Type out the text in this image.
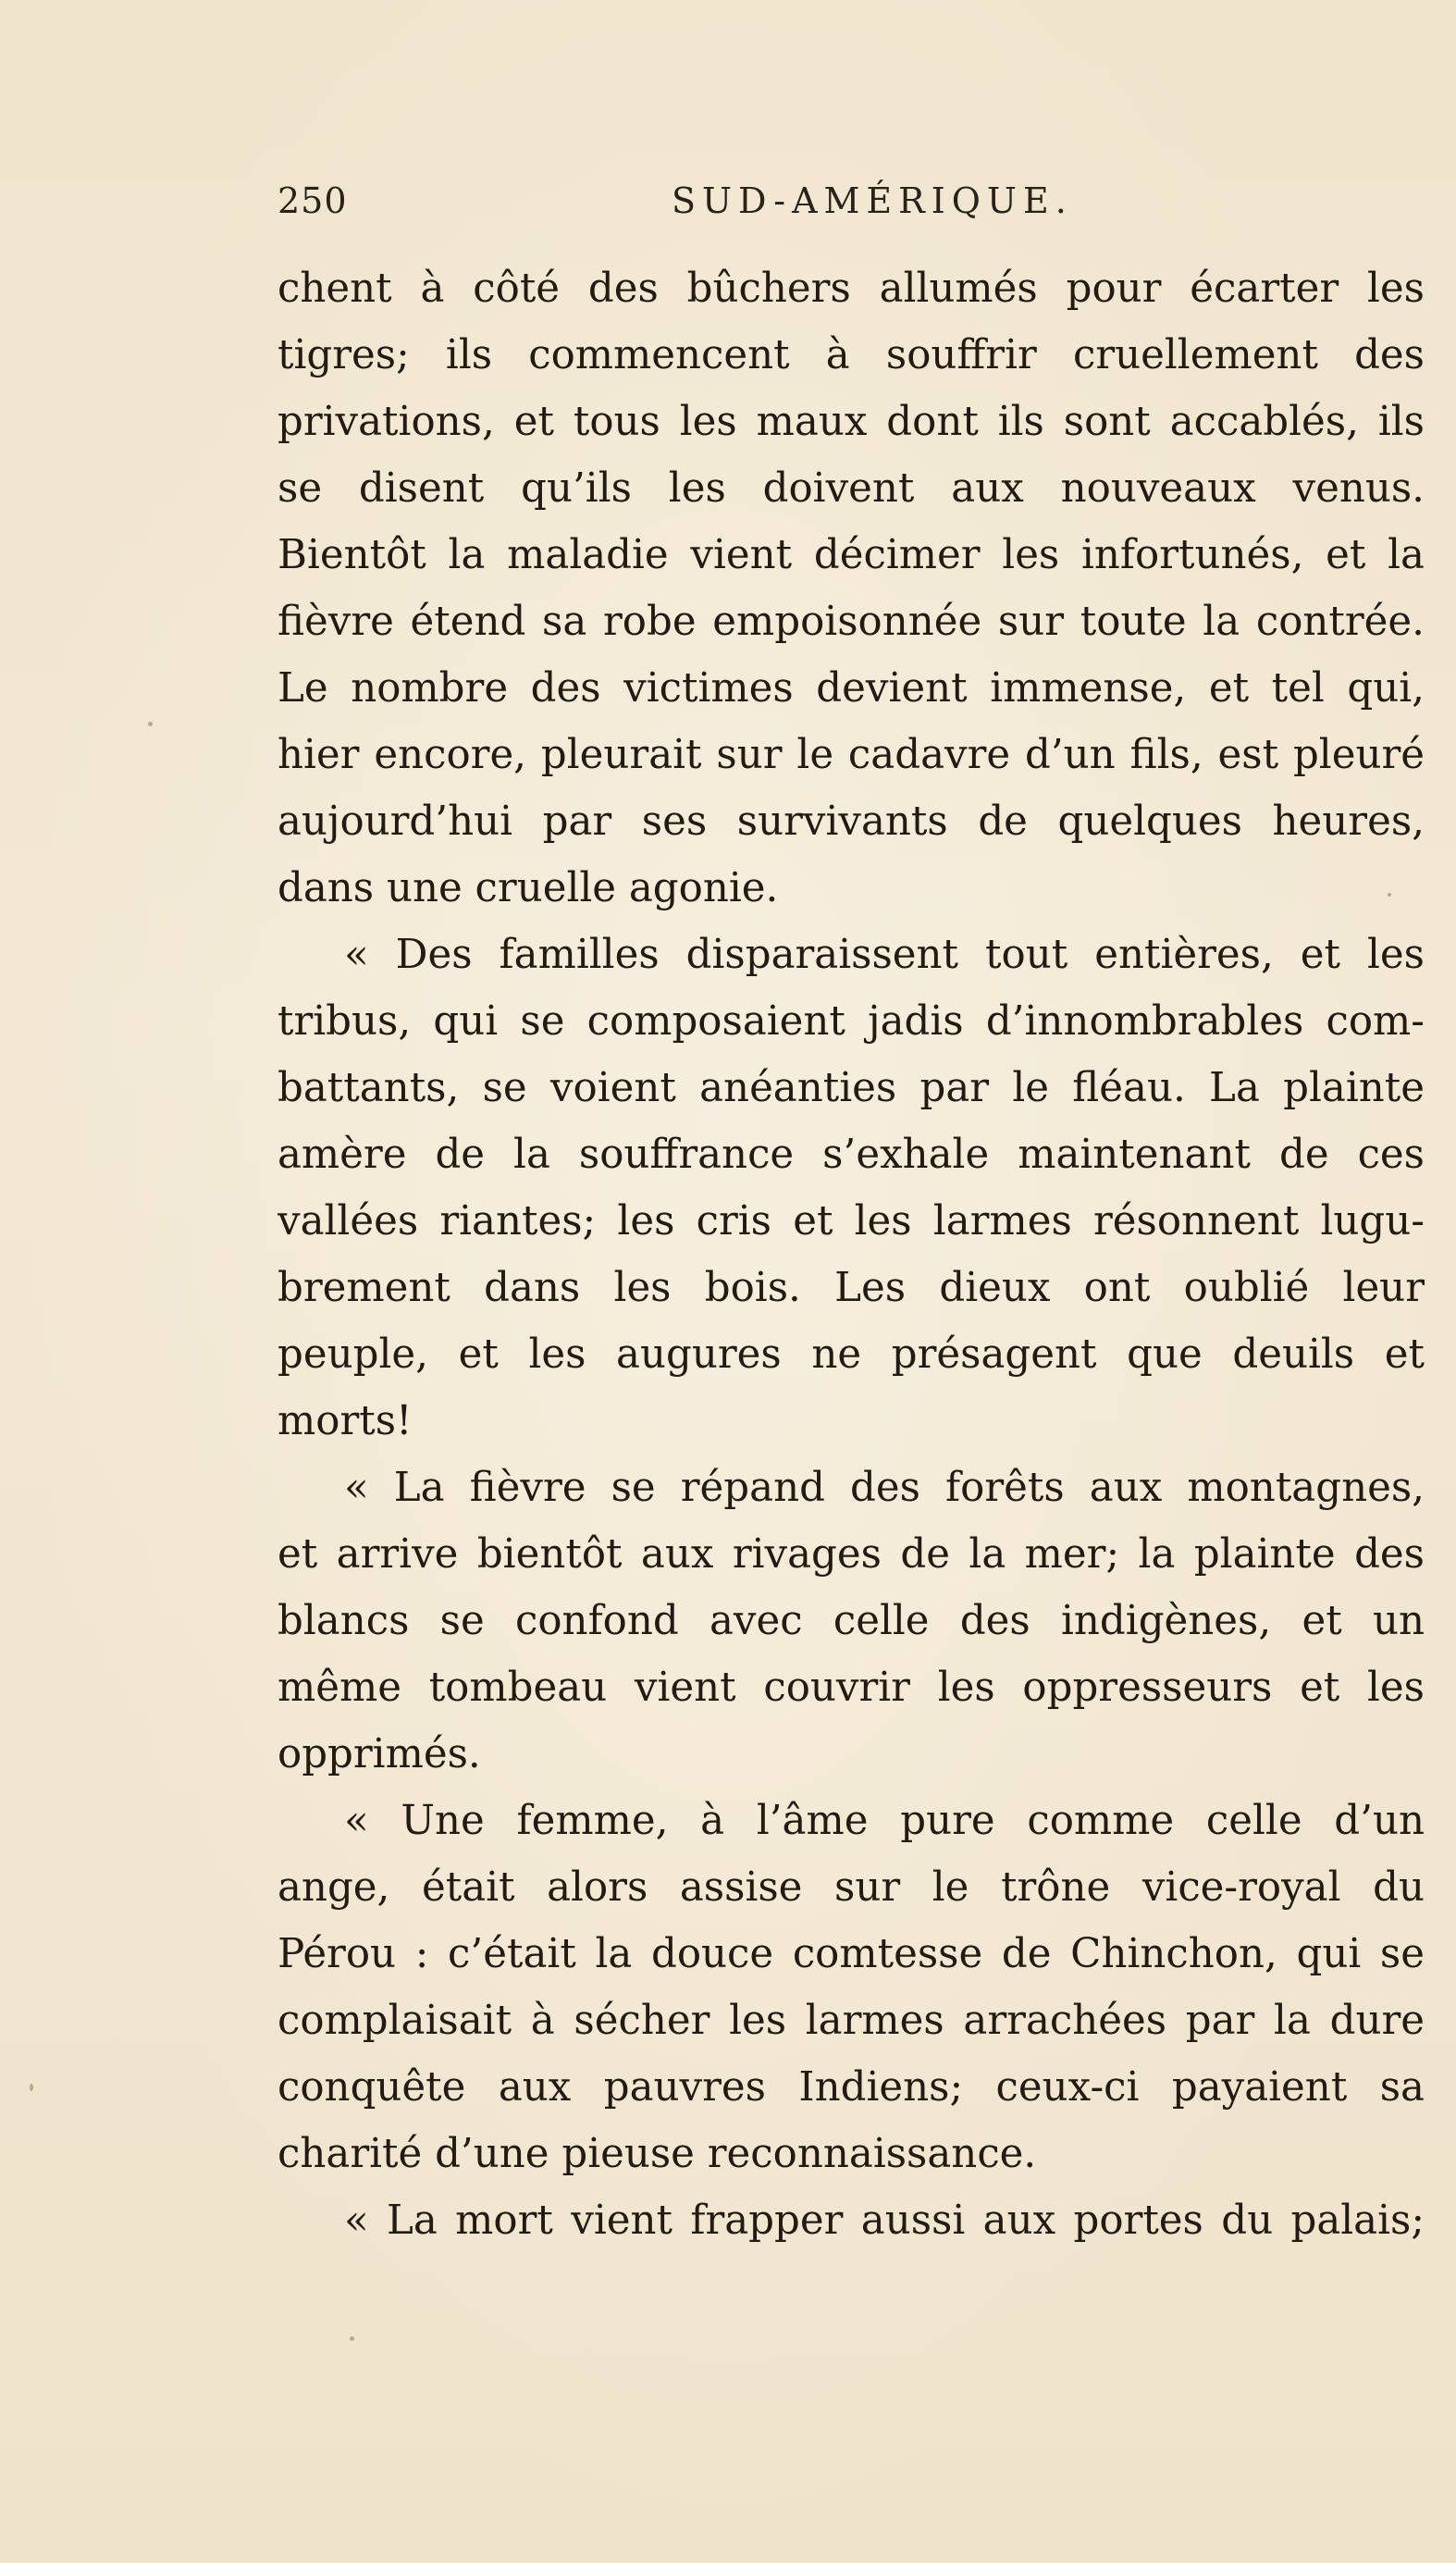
250	SUD-AMÉRIQUE.
chent à côté des bûchers allumés pour écarter les
tigres; ils commencent à souffrir cruellement des
privations, et tous les maux dont ils sont accablés, ils
se disent qu’ils les doivent aux nouveaux venus.
Bientôt la maladie vient décimer les infortunés, et la
fièvre étend sa robe empoisonnée sur toute la contrée.
Le nombre des victimes devient immense, et tel qui,
hier encore, pleurait sur le cadavre d’un fils, est pleuré
aujourd’hui par ses survivants de quelques heures,
dans une cruelle agonie.
« Des familles disparaissent tout entières, et les
tribus, qui se composaient jadis d’innombrables com-
battants, se voient anéanties par le fléau. La plainte
amère de la souffrance s’exhale maintenant de ces
vallées riantes; les cris et les larmes résonnent lugu-
brement dans les bois. Les dieux ont oublié leur
peuple, et les augures ne présagent que deuils et
morts!
« La fièvre se répand des forêts aux montagnes,
et arrive bientôt aux rivages de la mer; la plainte des
blancs se confond avec celle des indigènes, et un
même tombeau vient couvrir les oppresseurs et les
opprimés.
« Une femme, à l’âme pure comme celle d’un
ange, était alors assise sur le trône vice-royal du
Pérou : c’était la douce comtesse de Chinchon, qui se
complaisait à sécher les larmes arrachées par la dure
conquête aux pauvres Indiens; ceux-ci payaient sa
charité d’une pieuse reconnaissance.
« La mort vient frapper aussi aux portes du palais;
